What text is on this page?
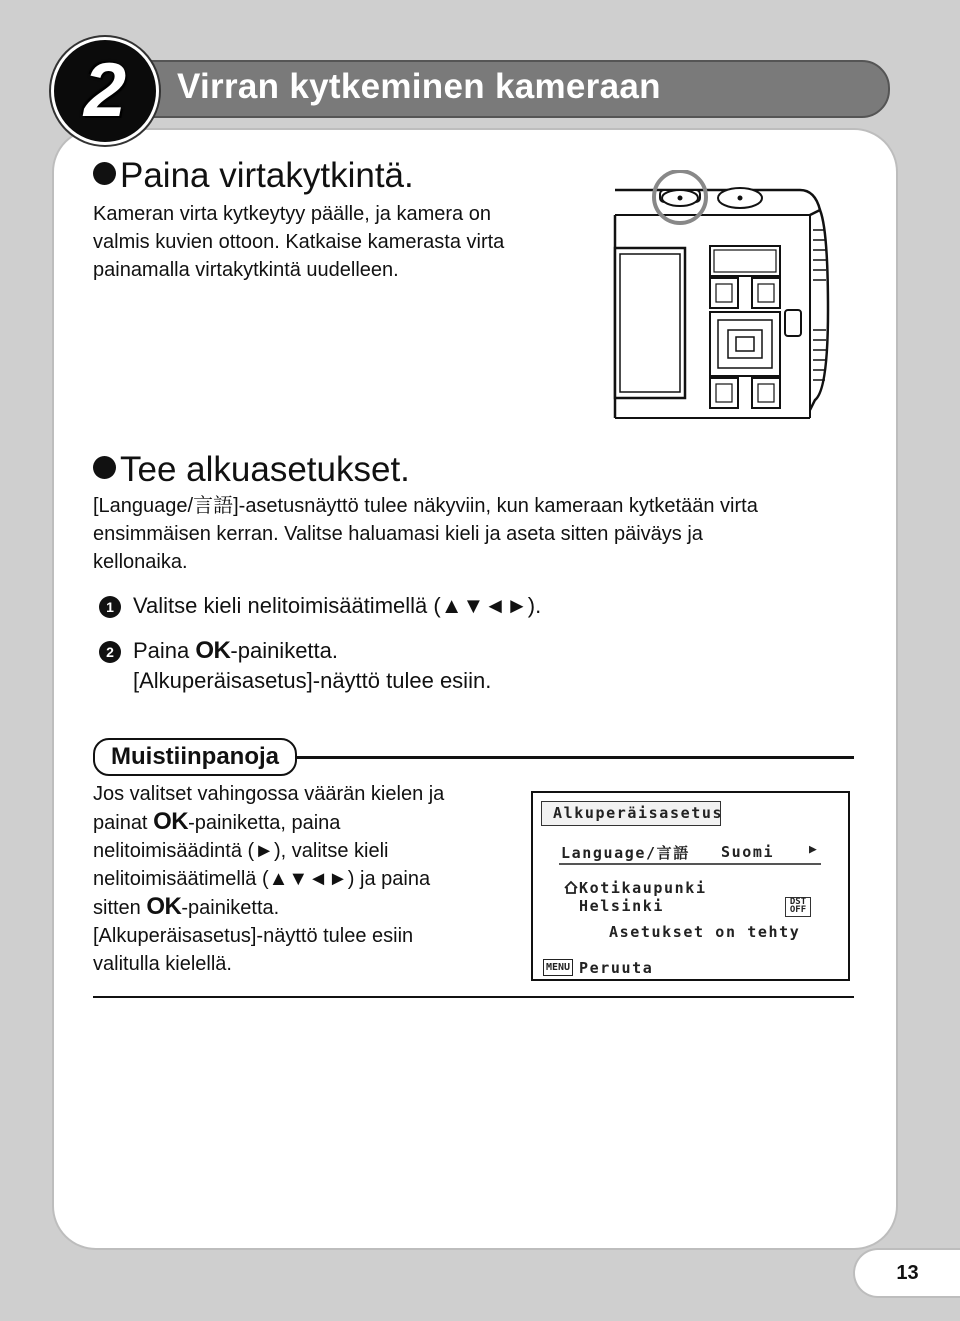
Virran kytkeminen kameraan
2
Paina virtakytkintä.
Kameran virta kytkeytyy päälle, ja kamera on
valmis kuvien ottoon. Katkaise kamerasta virta
painamalla virtakytkintä uudelleen.
Tee alkuasetukset.
[Language/言語]-asetusnäyttö tulee näkyviin, kun kameraan kytketään virta
ensimmäisen kerran. Valitse haluamasi kieli ja aseta sitten päiväys ja
kellonaika.
1 Valitse kieli nelitoimisäätimellä (▲▼◄►).
2 Paina OK-painiketta.
[Alkuperäisasetus]-näyttö tulee esiin.
Muistiinpanoja
Jos valitset vahingossa väärän kielen ja
painat OK-painiketta, paina
nelitoimisäädintä (►), valitse kieli
nelitoimisäätimellä (▲▼◄►) ja paina
sitten OK-painiketta.
[Alkuperäisasetus]-näyttö tulee esiin
valitulla kielellä.
Alkuperäisasetus
Language/言語 Suomi	▶
Kotikaupunki
Helsinki	DST
OFF
Asetukset on tehty
MENU Peruuta
13
